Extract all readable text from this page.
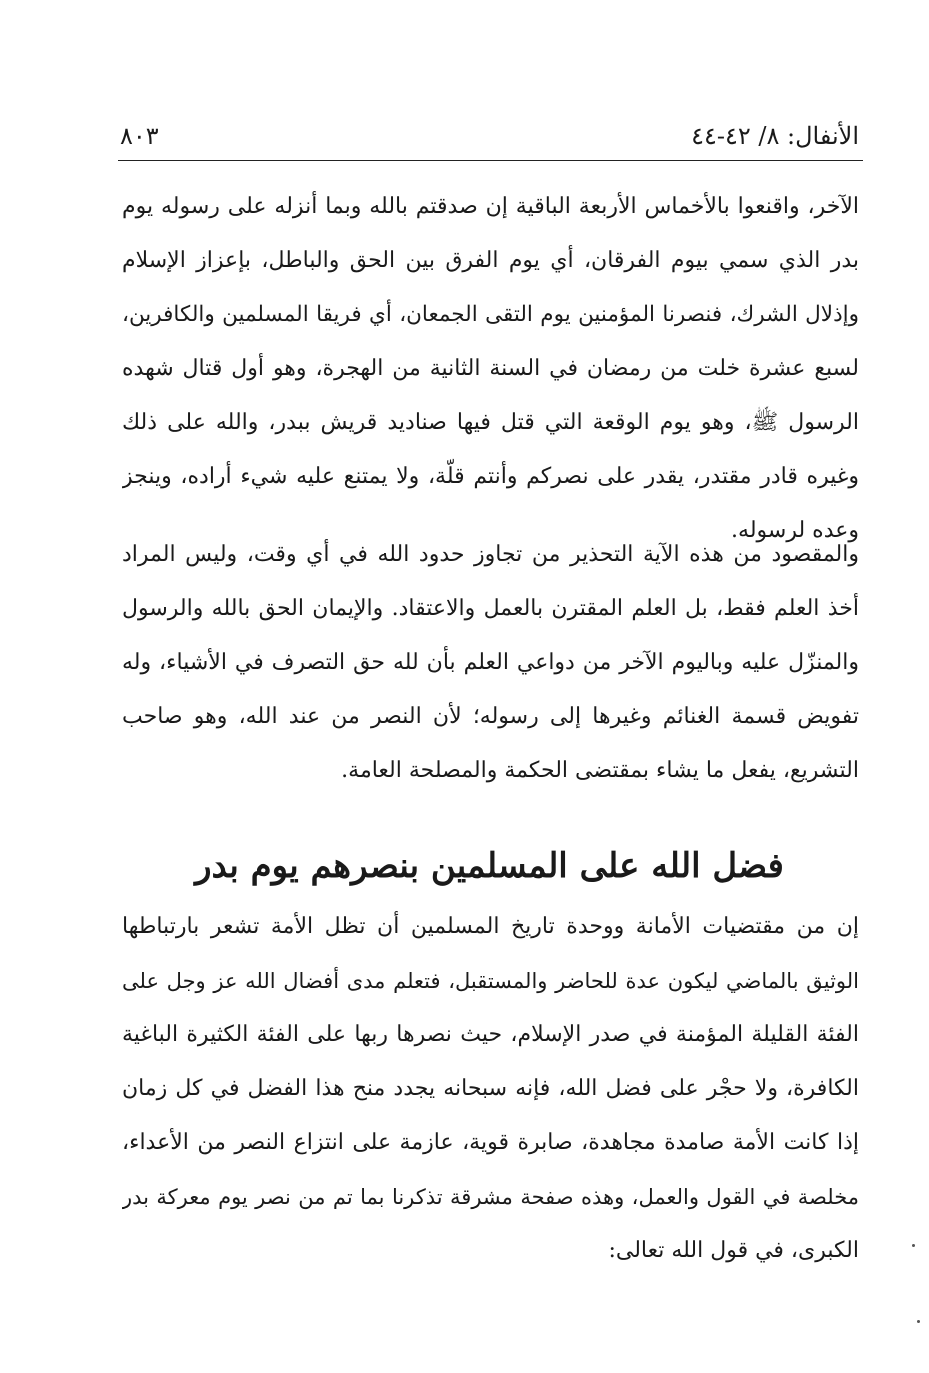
الأنفال: ٨/ ٤٢-٤٤
٨٠٣
الآخر، واقنعوا بالأخماس الأربعة الباقية إن صدقتم بالله وبما أنزله على رسوله يوم
بدر الذي سمي بيوم الفرقان، أي يوم الفرق بين الحق والباطل، بإعزاز الإسلام
وإذلال الشرك، فنصرنا المؤمنين يوم التقى الجمعان، أي فريقا المسلمين والكافرين،
لسبع عشرة خلت من رمضان في السنة الثانية من الهجرة، وهو أول قتال شهده
الرسول ﷺ، وهو يوم الوقعة التي قتل فيها صناديد قريش ببدر، والله على ذلك
وغيره قادر مقتدر، يقدر على نصركم وأنتم قلّة، ولا يمتنع عليه شيء أراده، وينجز
وعده لرسوله.
والمقصود من هذه الآية التحذير من تجاوز حدود الله في أي وقت، وليس المراد
أخذ العلم فقط، بل العلم المقترن بالعمل والاعتقاد. والإيمان الحق بالله والرسول
والمنزّل عليه وباليوم الآخر من دواعي العلم بأن لله حق التصرف في الأشياء، وله
تفويض قسمة الغنائم وغيرها إلى رسوله؛ لأن النصر من عند الله، وهو صاحب
التشريع، يفعل ما يشاء بمقتضى الحكمة والمصلحة العامة.
فضل الله على المسلمين بنصرهم يوم بدر
إن من مقتضيات الأمانة ووحدة تاريخ المسلمين أن تظل الأمة تشعر بارتباطها
الوثيق بالماضي ليكون عدة للحاضر والمستقبل، فتعلم مدى أفضال الله عز وجل على
الفئة القليلة المؤمنة في صدر الإسلام، حيث نصرها ربها على الفئة الكثيرة الباغية
الكافرة، ولا حجْر على فضل الله، فإنه سبحانه يجدد منح هذا الفضل في كل زمان
إذا كانت الأمة صامدة مجاهدة، صابرة قوية، عازمة على انتزاع النصر من الأعداء،
مخلصة في القول والعمل، وهذه صفحة مشرقة تذكرنا بما تم من نصر يوم معركة بدر
الكبرى، في قول الله تعالى:
